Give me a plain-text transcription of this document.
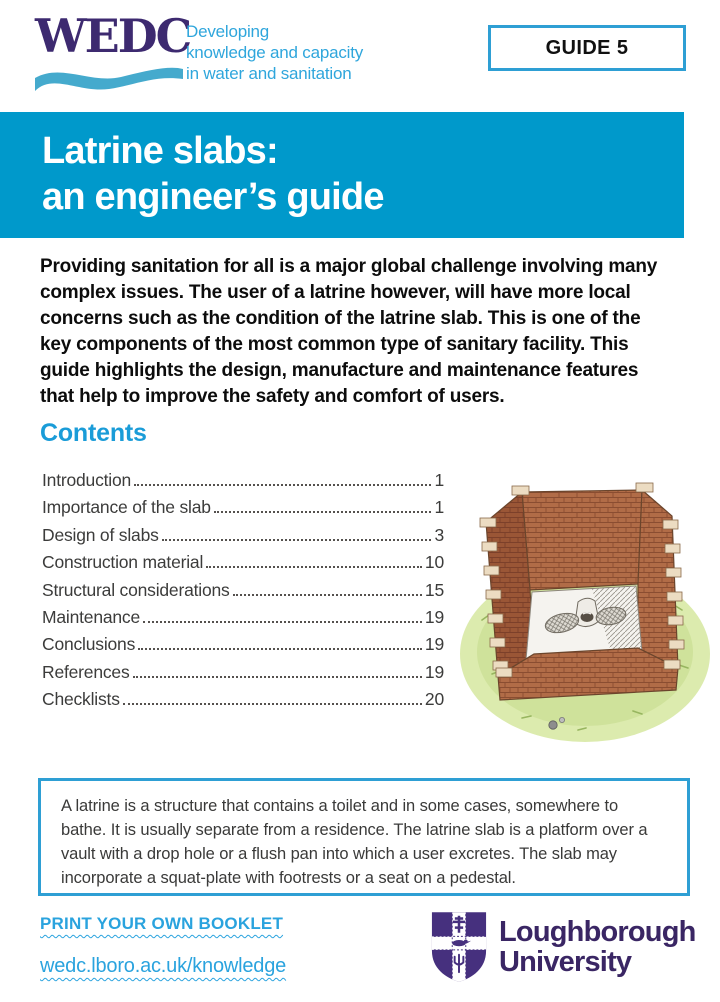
WEDC
Developing
knowledge and capacity
in water and sanitation
GUIDE 5
Latrine slabs:
an engineer’s guide

Providing sanitation for all is a major global challenge involving many complex issues. The user of a latrine however, will have more local concerns such as the condition of the latrine slab. This is one of the key components of the most common type of sanitary facility. This guide highlights the design, manufacture and maintenance features that help to improve the safety and comfort of users.

Contents
Introduction	1
Importance of the slab	1
Design of slabs	3
Construction material	10
Structural considerations	15
Maintenance	19
Conclusions	19
References	19
Checklists	20

A latrine is a structure that contains a toilet and in some cases, somewhere to bathe. It is usually separate from a residence. The latrine slab is a platform over a vault with a drop hole or a flush pan into which a user excretes. The slab may incorporate a squat-plate with footrests or a seat on a pedestal.

PRINT YOUR OWN BOOKLET
wedc.lboro.ac.uk/knowledge
Loughborough
University
